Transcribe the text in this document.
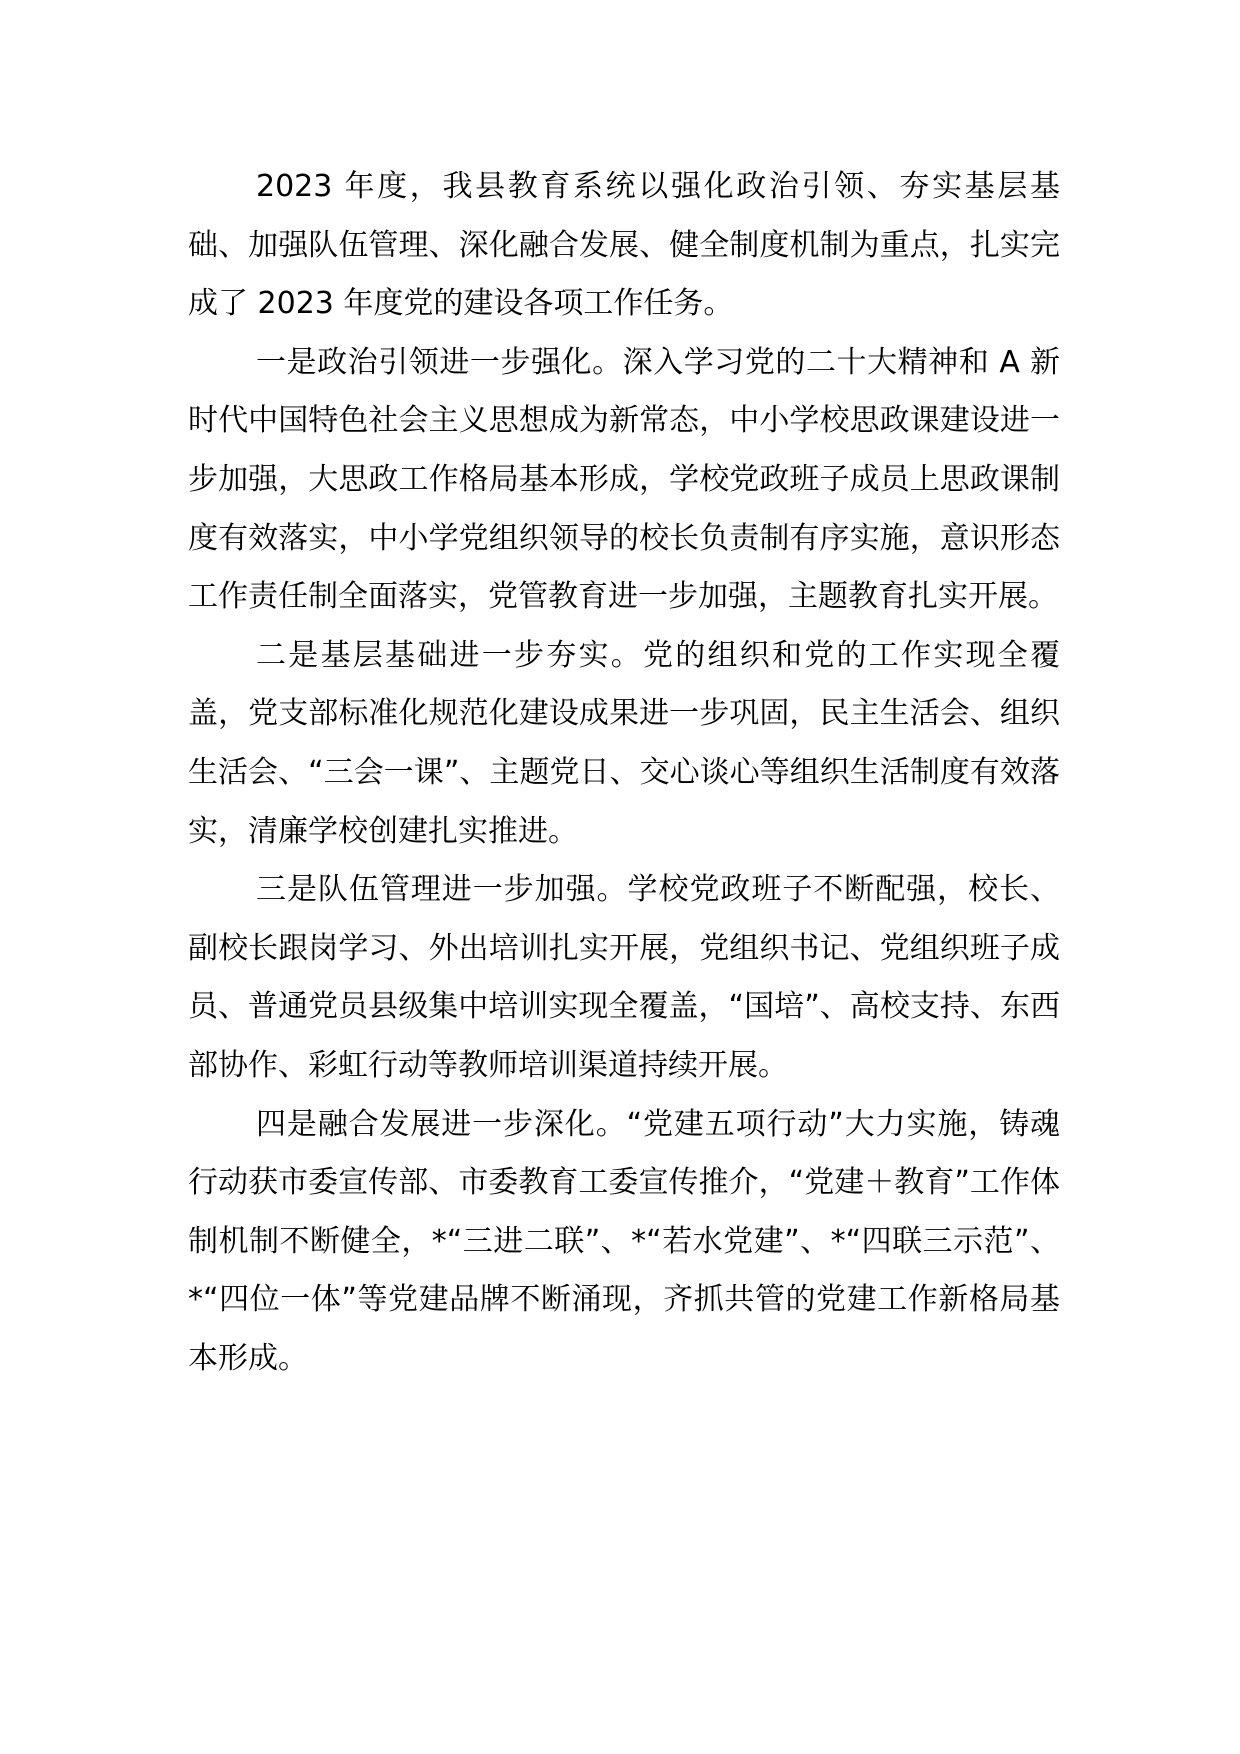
2023 年度，我县教育系统以强化政治引领、夯实基层基础、加强队伍管理、深化融合发展、健全制度机制为重点，扎实完成了 2023 年度党的建设各项工作任务。

一是政治引领进一步强化。深入学习党的二十大精神和 A 新时代中国特色社会主义思想成为新常态，中小学校思政课建设进一步加强，大思政工作格局基本形成，学校党政班子成员上思政课制度有效落实，中小学党组织领导的校长负责制有序实施，意识形态工作责任制全面落实，党管教育进一步加强，主题教育扎实开展。

二是基层基础进一步夯实。党的组织和党的工作实现全覆盖，党支部标准化规范化建设成果进一步巩固，民主生活会、组织生活会、“三会一课”、主题党日、交心谈心等组织生活制度有效落实，清廉学校创建扎实推进。

三是队伍管理进一步加强。学校党政班子不断配强，校长、副校长跟岗学习、外出培训扎实开展，党组织书记、党组织班子成员、普通党员县级集中培训实现全覆盖，“国培”、高校支持、东西部协作、彩虹行动等教师培训渠道持续开展。

四是融合发展进一步深化。“党建五项行动”大力实施，铸魂行动获市委宣传部、市委教育工委宣传推介，“党建＋教育”工作体制机制不断健全，*“三进二联”、*“若水党建”、*“四联三示范”、*“四位一体”等党建品牌不断涌现，齐抓共管的党建工作新格局基本形成。
